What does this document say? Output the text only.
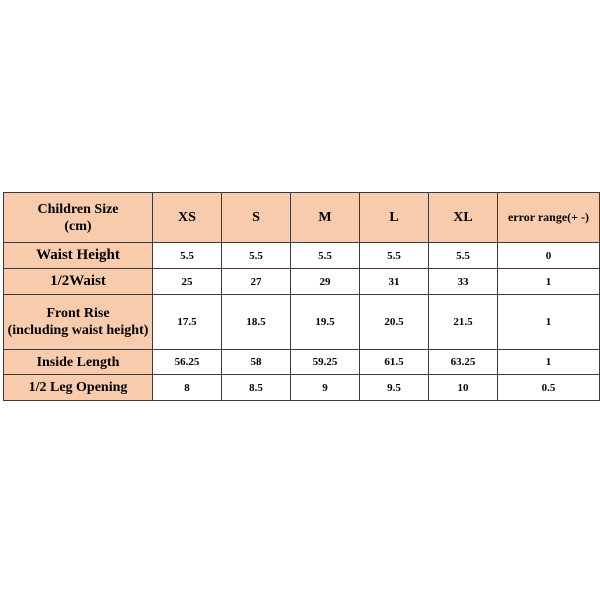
Children Size
(cm)	XS	S	M	L	XL	error range(+ -)
Waist Height	5.5	5.5	5.5	5.5	5.5	0
1/2Waist	25	27	29	31	33	1

Front Rise
(including waist height)	17.5	18.5	19.5	20.5	21.5	1
Inside Length	56.25	58	59.25	61.5	63.25	1
1/2 Leg Opening	8	8.5	9	9.5	10	0.5
